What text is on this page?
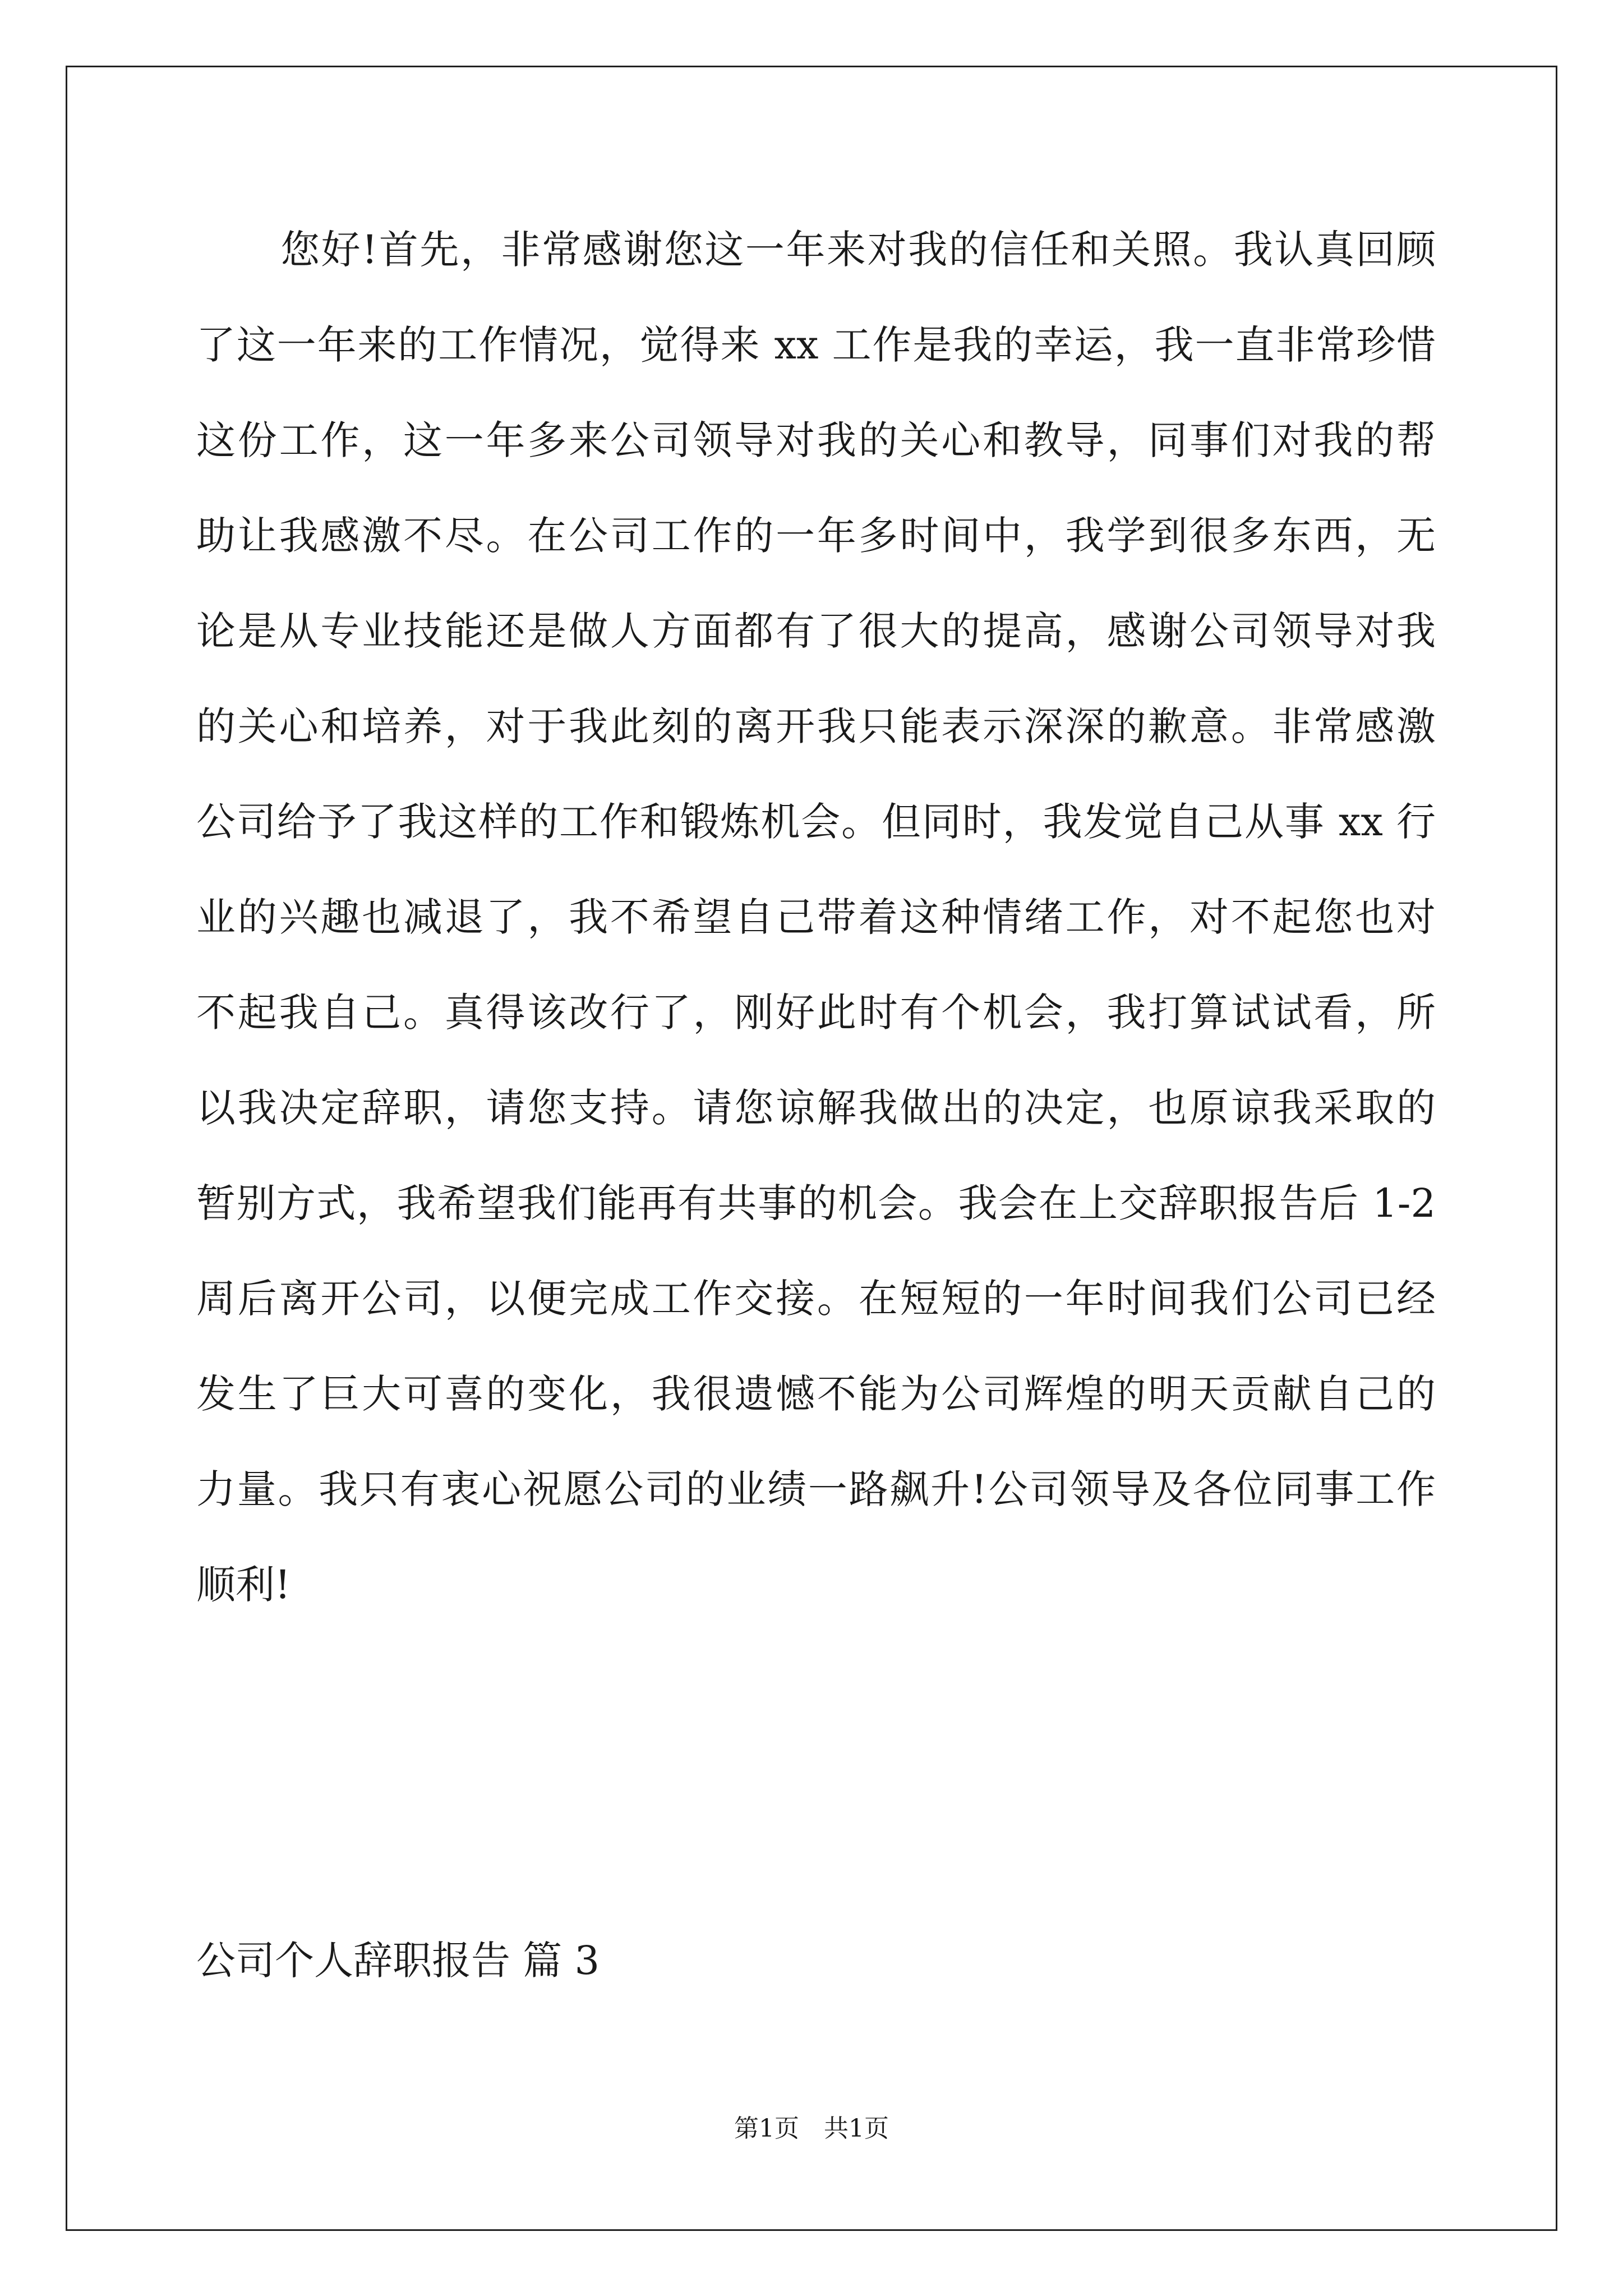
您好!首先，非常感谢您这一年来对我的信任和关照。我认真回顾
了这一年来的工作情况，觉得来 xx 工作是我的幸运，我一直非常珍惜
这份工作，这一年多来公司领导对我的关心和教导，同事们对我的帮
助让我感激不尽。在公司工作的一年多时间中，我学到很多东西，无
论是从专业技能还是做人方面都有了很大的提高，感谢公司领导对我
的关心和培养，对于我此刻的离开我只能表示深深的歉意。非常感激
公司给予了我这样的工作和锻炼机会。但同时，我发觉自己从事 xx 行
业的兴趣也减退了，我不希望自己带着这种情绪工作，对不起您也对
不起我自己。真得该改行了，刚好此时有个机会，我打算试试看，所
以我决定辞职，请您支持。请您谅解我做出的决定，也原谅我采取的
暂别方式，我希望我们能再有共事的机会。我会在上交辞职报告后 1-2
周后离开公司，以便完成工作交接。在短短的一年时间我们公司已经
发生了巨大可喜的变化，我很遗憾不能为公司辉煌的明天贡献自己的
力量。我只有衷心祝愿公司的业绩一路飙升!公司领导及各位同事工作
顺利!
公司个人辞职报告 篇 3
第1页　共1页
